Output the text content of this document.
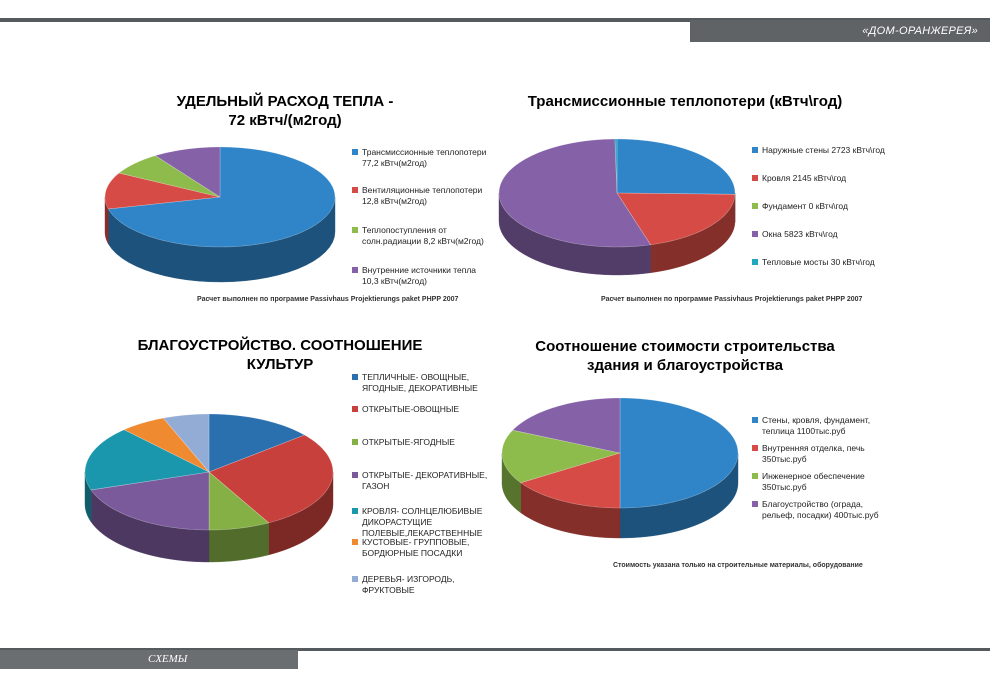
«ДОМ-ОРАНЖЕРЕЯ»
УДЕЛЬНЫЙ РАСХОД ТЕПЛА -
72 кВтч/(м2год)
Трансмиссионные теплопотери 77,2 кВтч(м2год)
Вентиляционные теплопотери 12,8 кВтч(м2год)
Теплопоступления от солн.радиации 8,2 кВтч(м2год)
Внутренние источники тепла 10,3 кВтч(м2год)
Расчет выполнен по программе Passivhaus Projektierungs paket PHPP 2007
Трансмиссионные теплопотери (кВтч\год)
Наружные стены 2723 кВтч\год
Кровля 2145 кВтч\год
Фундамент 0 кВтч\год
Окна 5823 кВтч\год
Тепловые мосты 30 кВтч\год
Расчет выполнен по программе Passivhaus Projektierungs paket PHPP 2007
БЛАГОУСТРОЙСТВО. СООТНОШЕНИЕ
КУЛЬТУР
ТЕПЛИЧНЫЕ- ОВОЩНЫЕ, ЯГОДНЫЕ, ДЕКОРАТИВНЫЕ
ОТКРЫТЫЕ-ОВОЩНЫЕ
ОТКРЫТЫЕ-ЯГОДНЫЕ
ОТКРЫТЫЕ- ДЕКОРАТИВНЫЕ, ГАЗОН
КРОВЛЯ- СОЛНЦЕЛЮБИВЫЕ ДИКОРАСТУЩИЕ ПОЛЕВЫЕ,ЛЕКАРСТВЕННЫЕ
КУСТОВЫЕ- ГРУППОВЫЕ, БОРДЮРНЫЕ ПОСАДКИ
ДЕРЕВЬЯ- ИЗГОРОДЬ, ФРУКТОВЫЕ
Соотношение стоимости строительства
здания и благоустройства
Стены, кровля, фундамент, теплица 1100тыс.руб
Внутренняя отделка, печь 350тыс.руб
Инженерное обеспечение 350тыс.руб
Благоустройство (ограда, рельеф, посадки) 400тыс.руб
Стоимость указана только на строительные материалы, оборудование
СХЕМЫ
